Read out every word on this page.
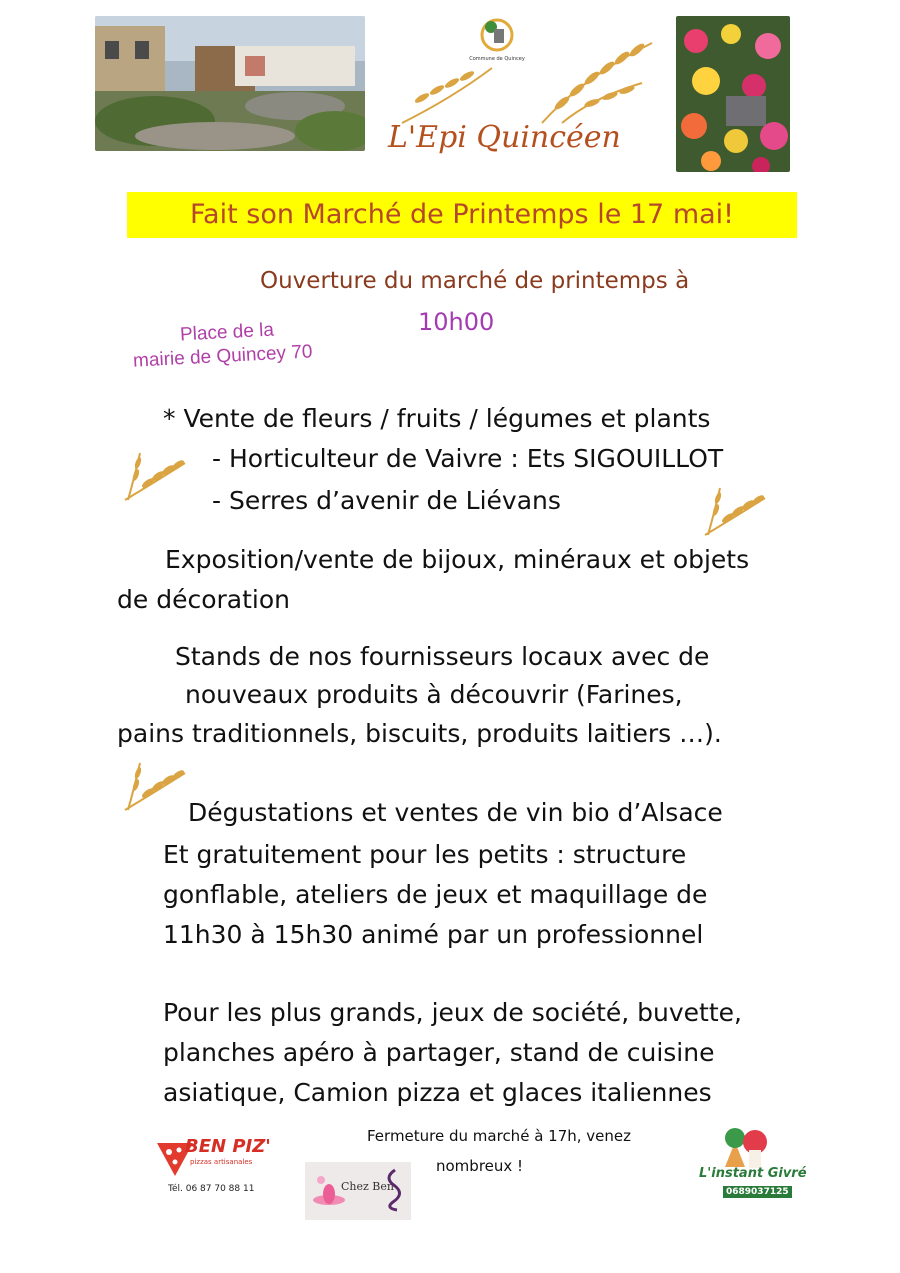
Commune de Quincey
L'Epi Quincéen
Fait son Marché de Printemps le 17 mai!
Ouverture du marché de printemps à
10h00
Place de la
mairie de Quincey 70
* Vente de fleurs / fruits / légumes et plants
- Horticulteur de Vaivre : Ets SIGOUILLOT
- Serres d’avenir de Liévans
Exposition/vente de bijoux, minéraux et objets
de décoration
Stands de nos fournisseurs locaux avec de
nouveaux produits à découvrir (Farines,
pains traditionnels, biscuits, produits laitiers …).
Dégustations et ventes de vin bio d’Alsace
Et gratuitement pour les petits : structure
gonflable, ateliers de jeux et maquillage de
11h30 à 15h30 animé par un professionnel
Pour les plus grands, jeux de société, buvette,
planches apéro à partager, stand de cuisine
asiatique, Camion pizza et glaces italiennes
Fermeture du marché à 17h, venez
nombreux !
BEN PIZ'
pizzas artisanales
Tél. 06 87 70 88 11	Chez Ben
L'instant Givré
0689037125
